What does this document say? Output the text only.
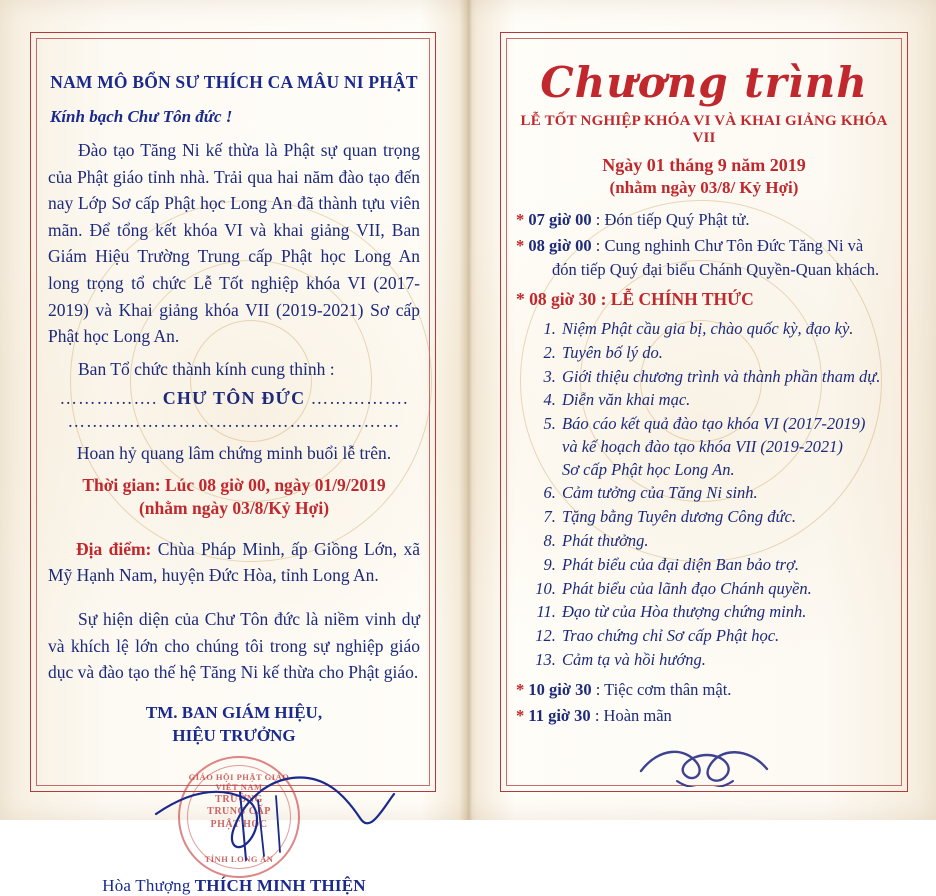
NAM MÔ BỔN SƯ THÍCH CA MÂU NI PHẬT
Kính bạch Chư Tôn đức !

Đào tạo Tăng Ni kế thừa là Phật sự quan trọng của Phật giáo tỉnh nhà. Trải qua hai năm đào tạo đến nay Lớp Sơ cấp Phật học Long An đã thành tựu viên mãn. Để tổng kết khóa VI và khai giảng VII, Ban Giám Hiệu Trường Trung cấp Phật học Long An long trọng tổ chức Lễ Tốt nghiệp khóa VI (2017-2019) và Khai giảng khóa VII (2019-2021) Sơ cấp Phật học Long An.

Ban Tổ chức thành kính cung thỉnh :

……………. CHƯ TÔN ĐỨC …………….
………………………………………………
Hoan hỷ quang lâm chứng minh buổi lễ trên.
Thời gian: Lúc 08 giờ 00, ngày 01/9/2019
(nhằm ngày 03/8/Kỷ Hợi)

Địa điểm: Chùa Pháp Minh, ấp Giồng Lớn, xã Mỹ Hạnh Nam, huyện Đức Hòa, tỉnh Long An.

Sự hiện diện của Chư Tôn đức là niềm vinh dự và khích lệ lớn cho chúng tôi trong sự nghiệp giáo dục và đào tạo thế hệ Tăng Ni kế thừa cho Phật giáo.

TM. BAN GIÁM HIỆU,
HIỆU TRƯỞNG
GIÁO HỘI PHẬT GIÁO VIỆT NAM
TRƯỜNG
TRUNG CẤP
PHẬT HỌC
TỈNH LONG AN
Hòa Thượng THÍCH MINH THIỆN
Chương trình
LỄ TỐT NGHIỆP KHÓA VI VÀ KHAI GIẢNG KHÓA VII
Ngày 01 tháng 9 năm 2019
(nhằm ngày 03/8/ Kỷ Hợi)
* 07 giờ 00 : Đón tiếp Quý Phật tử.
* 08 giờ 00 : Cung nghinh Chư Tôn Đức Tăng Ni và
đón tiếp Quý đại biểu Chánh Quyền-Quan khách.
* 08 giờ 30 : LỄ CHÍNH THỨC
1. Niệm Phật cầu gia bị, chào quốc kỳ, đạo kỳ.
2. Tuyên bố lý do.
3. Giới thiệu chương trình và thành phần tham dự.
4. Diễn văn khai mạc.
5. Báo cáo kết quả đào tạo khóa VI (2017-2019)
và kế hoạch đào tạo khóa VII (2019-2021)
Sơ cấp Phật học Long An.
6. Cảm tưởng của Tăng Ni sinh.
7. Tặng bằng Tuyên dương Công đức.
8. Phát thưởng.
9. Phát biểu của đại diện Ban bảo trợ.
10. Phát biểu của lãnh đạo Chánh quyền.
11. Đạo từ của Hòa thượng chứng minh.
12. Trao chứng chỉ Sơ cấp Phật học.
13. Cảm tạ và hồi hướng.
* 10 giờ 30 : Tiệc cơm thân mật.
* 11 giờ 30 : Hoàn mãn
